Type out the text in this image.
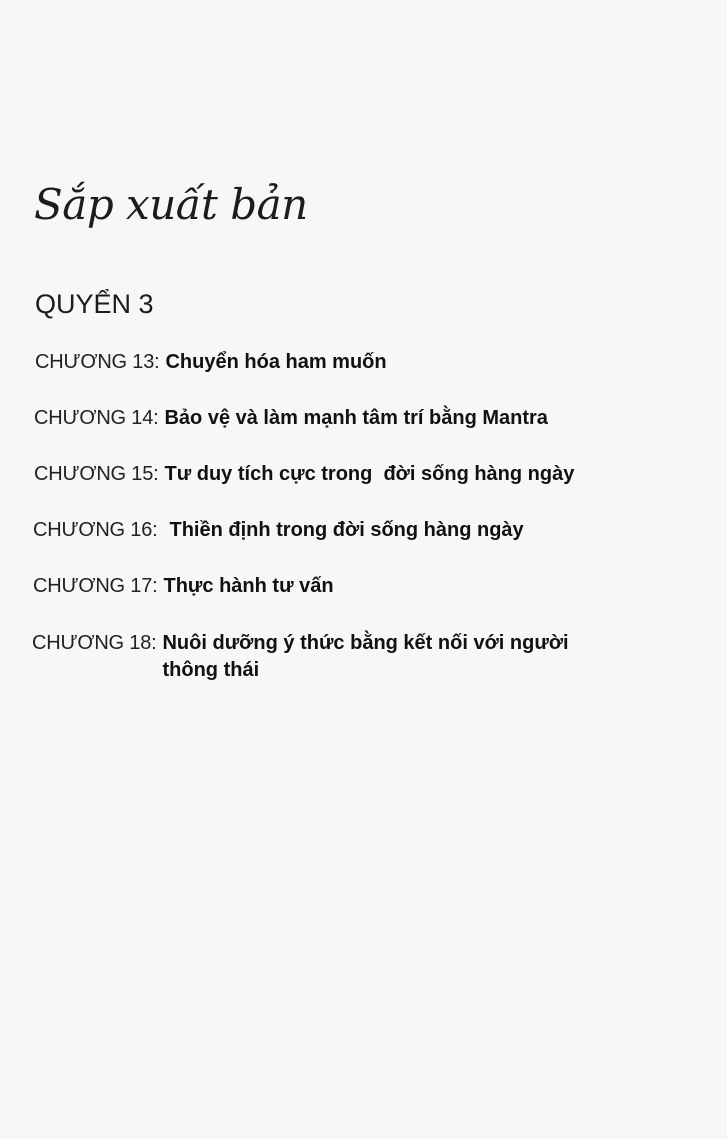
Sắp xuất bản
QUYỂN 3
CHƯƠNG 13: Chuyển hóa ham muốn
CHƯƠNG 14: Bảo vệ và làm mạnh tâm trí bằng Mantra
CHƯƠNG 15: Tư duy tích cực trong  đời sống hàng ngày
CHƯƠNG 16: Thiền định trong đời sống hàng ngày
CHƯƠNG 17: Thực hành tư vấn
CHƯƠNG 18: Nuôi dưỡng ý thức bằng kết nối với người thông thái
